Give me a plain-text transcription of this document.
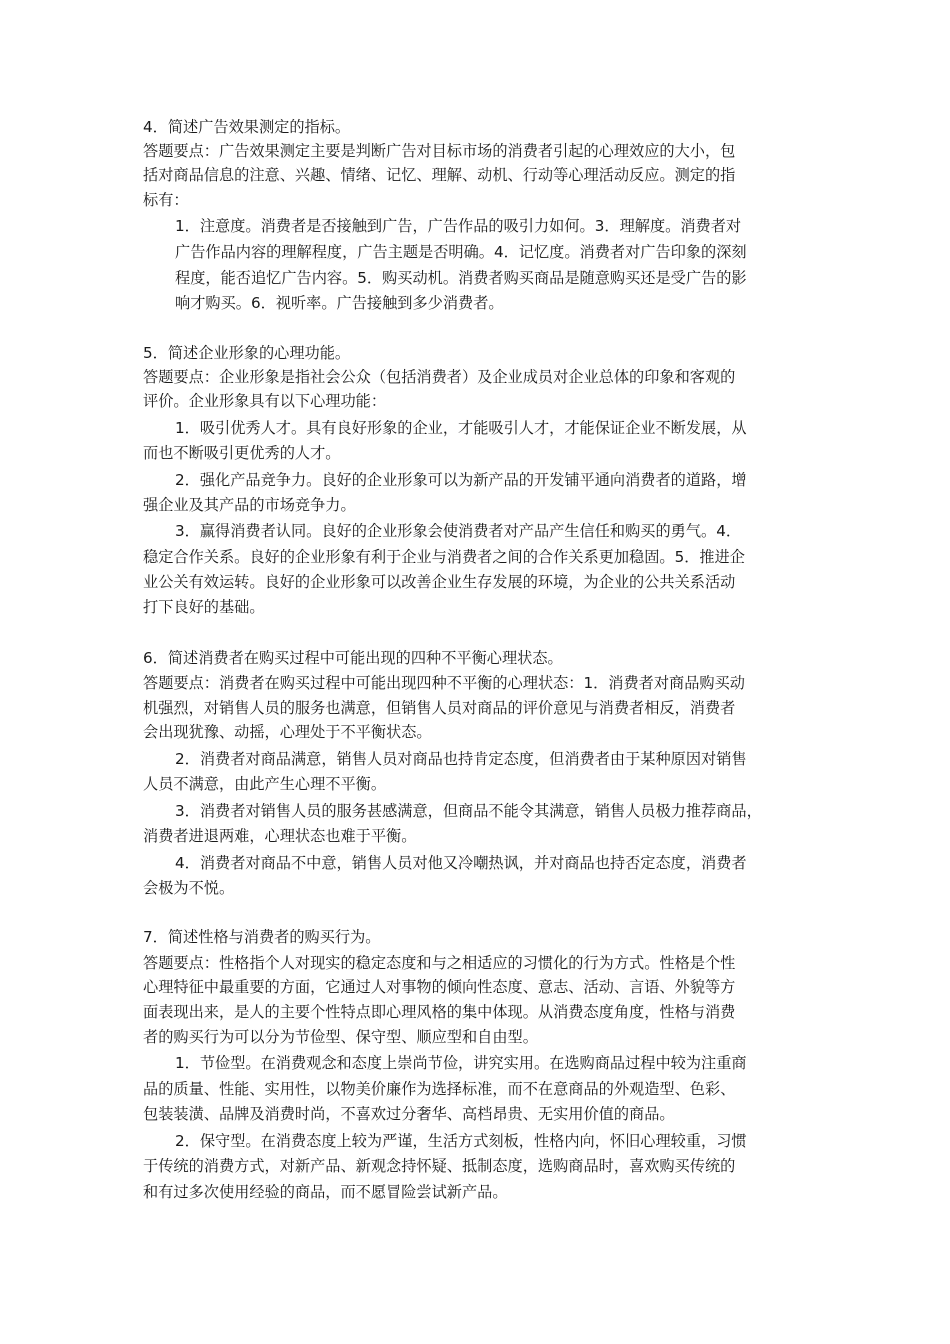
4．简述广告效果测定的指标。
答题要点：广告效果测定主要是判断广告对目标市场的消费者引起的心理效应的大小，包
括对商品信息的注意、兴趣、情绪、记忆、理解、动机、行动等心理活动反应。测定的指
标有：
1．注意度。消费者是否接触到广告，广告作品的吸引力如何。3．理解度。消费者对
广告作品内容的理解程度，广告主题是否明确。4．记忆度。消费者对广告印象的深刻
程度，能否追忆广告内容。5．购买动机。消费者购买商品是随意购买还是受广告的影
响才购买。6．视听率。广告接触到多少消费者。
5．简述企业形象的心理功能。
答题要点：企业形象是指社会公众（包括消费者）及企业成员对企业总体的印象和客观的
评价。企业形象具有以下心理功能：
1．吸引优秀人才。具有良好形象的企业，才能吸引人才，才能保证企业不断发展，从
而也不断吸引更优秀的人才。
2．强化产品竞争力。良好的企业形象可以为新产品的开发铺平通向消费者的道路，增
强企业及其产品的市场竞争力。
3．赢得消费者认同。良好的企业形象会使消费者对产品产生信任和购买的勇气。4．
稳定合作关系。良好的企业形象有利于企业与消费者之间的合作关系更加稳固。5．推进企
业公关有效运转。良好的企业形象可以改善企业生存发展的环境，为企业的公共关系活动
打下良好的基础。
6．简述消费者在购买过程中可能出现的四种不平衡心理状态。
答题要点：消费者在购买过程中可能出现四种不平衡的心理状态：1．消费者对商品购买动
机强烈，对销售人员的服务也满意，但销售人员对商品的评价意见与消费者相反，消费者
会出现犹豫、动摇，心理处于不平衡状态。
2．消费者对商品满意，销售人员对商品也持肯定态度，但消费者由于某种原因对销售
人员不满意，由此产生心理不平衡。
3．消费者对销售人员的服务甚感满意，但商品不能令其满意，销售人员极力推荐商品，
消费者进退两难，心理状态也难于平衡。
4．消费者对商品不中意，销售人员对他又冷嘲热讽，并对商品也持否定态度，消费者
会极为不悦。
7．简述性格与消费者的购买行为。
答题要点：性格指个人对现实的稳定态度和与之相适应的习惯化的行为方式。性格是个性
心理特征中最重要的方面，它通过人对事物的倾向性态度、意志、活动、言语、外貌等方
面表现出来，是人的主要个性特点即心理风格的集中体现。从消费态度角度，性格与消费
者的购买行为可以分为节俭型、保守型、顺应型和自由型。
1．节俭型。在消费观念和态度上崇尚节俭，讲究实用。在选购商品过程中较为注重商
品的质量、性能、实用性，以物美价廉作为选择标准，而不在意商品的外观造型、色彩、
包装装潢、品牌及消费时尚，不喜欢过分奢华、高档昂贵、无实用价值的商品。
2．保守型。在消费态度上较为严谨，生活方式刻板，性格内向，怀旧心理较重，习惯
于传统的消费方式，对新产品、新观念持怀疑、抵制态度，选购商品时，喜欢购买传统的
和有过多次使用经验的商品，而不愿冒险尝试新产品。
